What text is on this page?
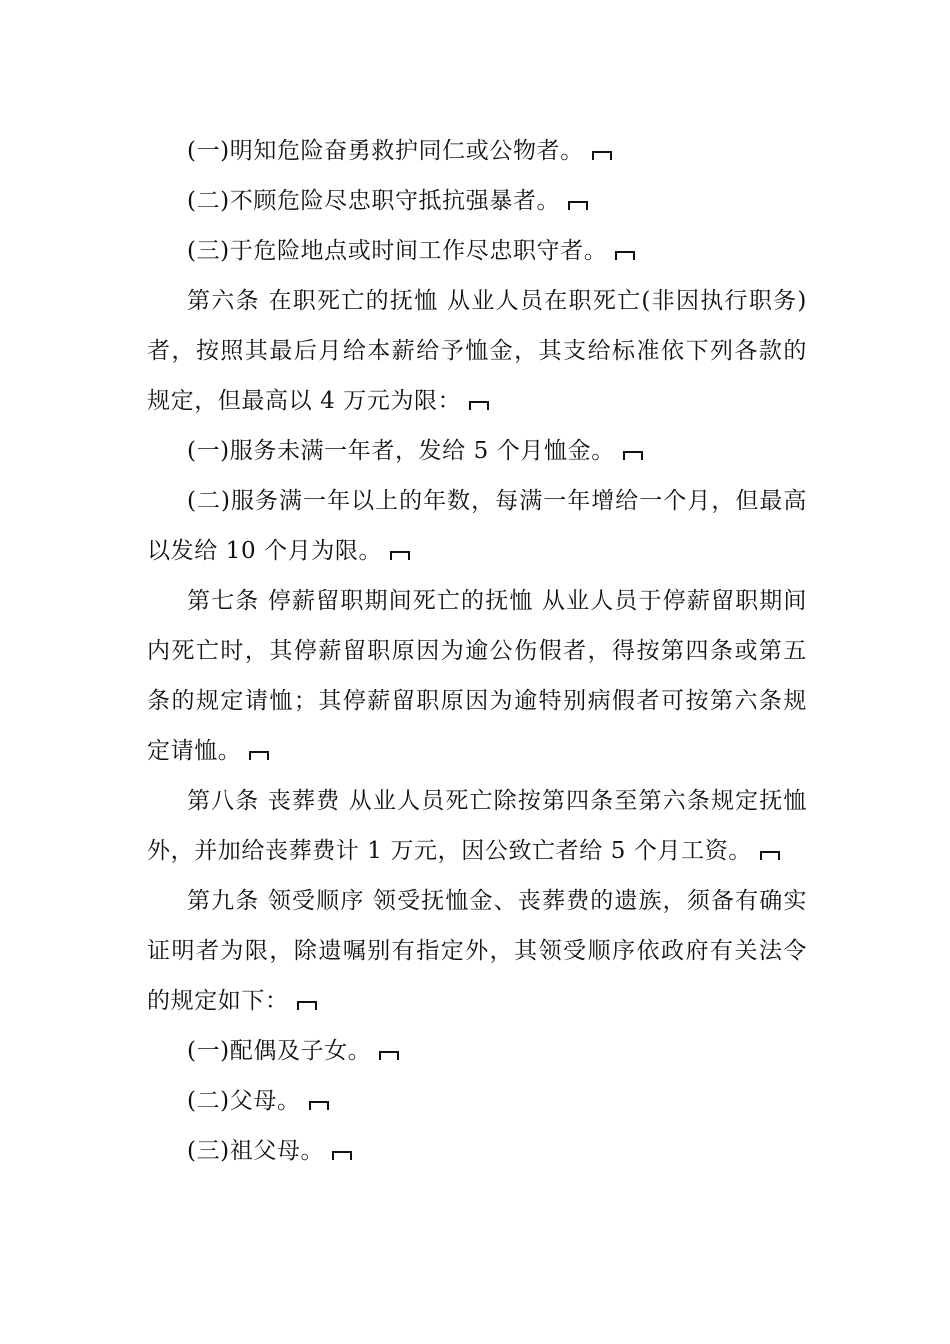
(一)明知危险奋勇救护同仁或公物者。

(二)不顾危险尽忠职守抵抗强暴者。

(三)于危险地点或时间工作尽忠职守者。

第六条 在职死亡的抚恤 从业人员在职死亡(非因执行职务)者，按照其最后月给本薪给予恤金，其支给标准依下列各款的规定，但最高以 4 万元为限：

(一)服务未满一年者，发给 5 个月恤金。

(二)服务满一年以上的年数，每满一年增给一个月，但最高以发给 10 个月为限。

第七条 停薪留职期间死亡的抚恤 从业人员于停薪留职期间内死亡时，其停薪留职原因为逾公伤假者，得按第四条或第五条的规定请恤；其停薪留职原因为逾特别病假者可按第六条规定请恤。

第八条 丧葬费 从业人员死亡除按第四条至第六条规定抚恤外，并加给丧葬费计 1 万元，因公致亡者给 5 个月工资。

第九条 领受顺序 领受抚恤金、丧葬费的遗族，须备有确实证明者为限，除遗嘱别有指定外，其领受顺序依政府有关法令的规定如下：

(一)配偶及子女。

(二)父母。

(三)祖父母。
